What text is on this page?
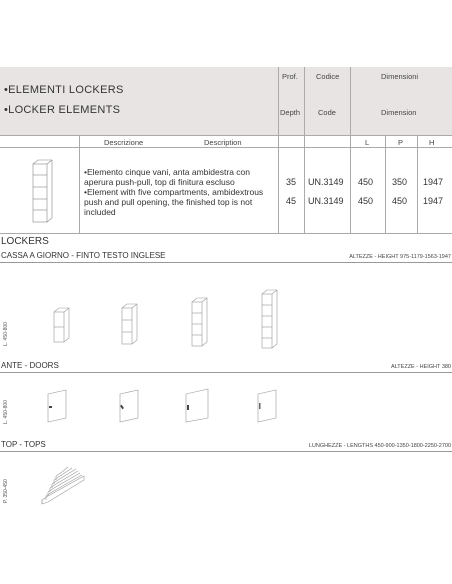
•ELEMENTI LOCKERS
•LOCKER ELEMENTS
Prof.
Depth
Codice
Code
Dimensioni
Dimension
Descrizione	Description	L	P	H
•Elemento cinque vani, anta ambidestra con aperura push-pull, top di finitura escluso
•Element with five compartments, ambidextrous push and pull opening, the finished top is not included
35 UN.3149 450 350 1947
45 UN.3149 450 450 1947
LOCKERS
CASSA A GIORNO - FINTO TESTO INGLESE	ALTEZZE - HEIGHT 975-1179-1563-1947
L. 450-800
ANTE - DOORS	ALTEZZE - HEIGHT 380
L. 450-800
TOP - TOPS	LUNGHEZZE - LENGTHS 450-900-1350-1800-2250-2700
P. 350-450
